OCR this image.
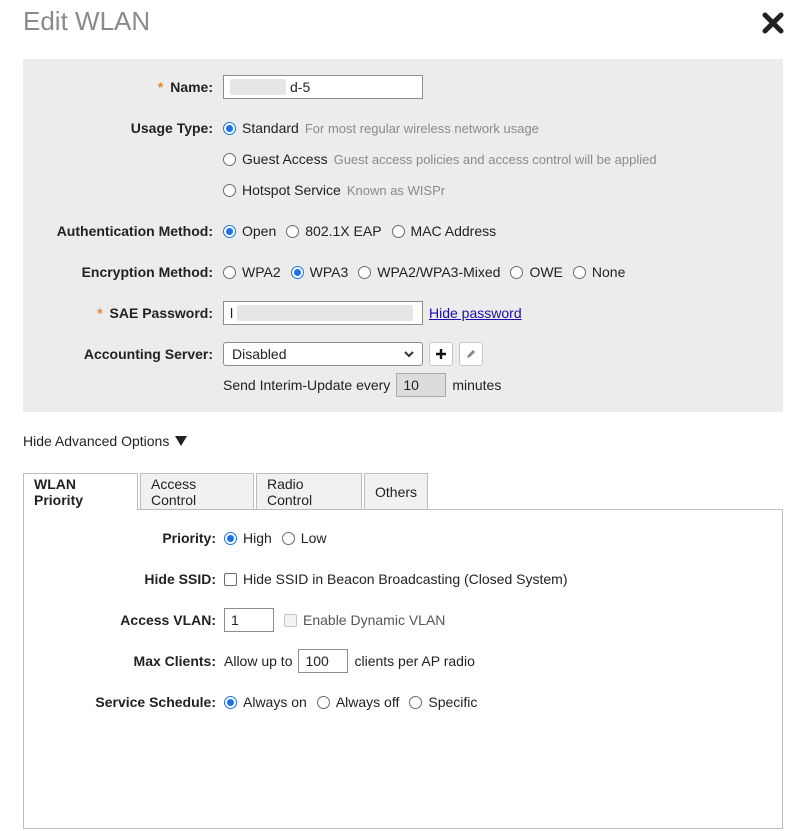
Edit WLAN
* Name:	d-5
Usage Type: Standard For most regular wireless network usage
Guest Access Guest access policies and access control will be applied
Hotspot Service Known as WISPr
Authentication Method: Open 802.1X EAP MAC Address
Encryption Method: WPA2 WPA3 WPA2/WPA3-Mixed OWE None
* SAE Password: l	Hide password
Accounting Server: Disabled
Send Interim-Update every 10 minutes
Hide Advanced Options
WLAN Priority
Access Control
Radio Control	Others
Priority: High Low
Hide SSID: Hide SSID in Beacon Broadcasting (Closed System)
Access VLAN: 1	Enable Dynamic VLAN
Max Clients: Allow up to 100 clients per AP radio
Service Schedule: Always on Always off Specific
